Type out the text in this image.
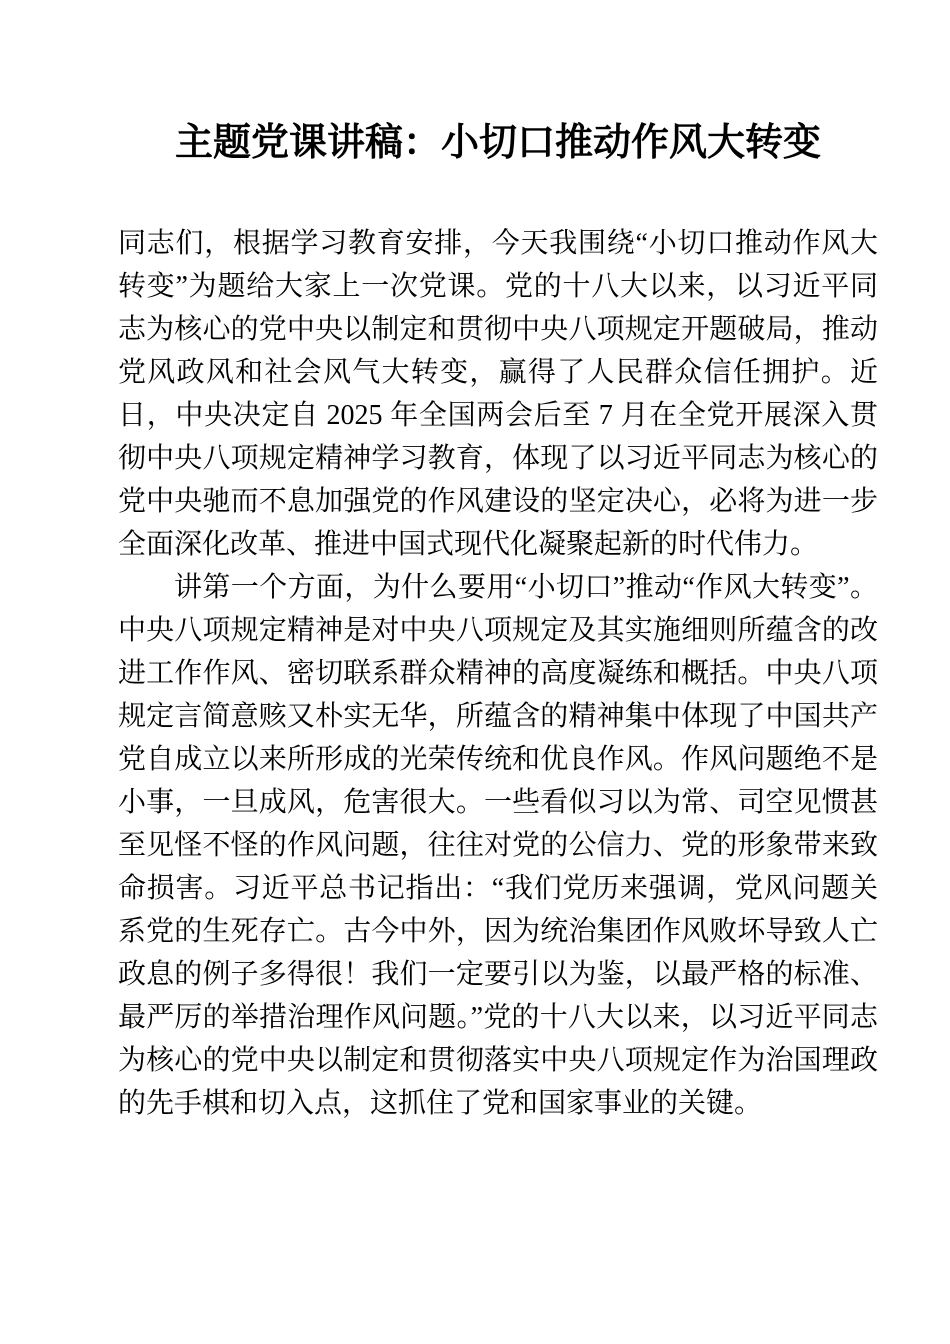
主题党课讲稿：小切口推动作风大转变

同志们，根据学习教育安排，今天我围绕“小切口推动作风大转变”为题给大家上一次党课。党的十八大以来，以习近平同志为核心的党中央以制定和贯彻中央八项规定开题破局，推动党风政风和社会风气大转变，赢得了人民群众信任拥护。近日，中央决定自 2025 年全国两会后至 7 月在全党开展深入贯彻中央八项规定精神学习教育，体现了以习近平同志为核心的党中央驰而不息加强党的作风建设的坚定决心，必将为进一步全面深化改革、推进中国式现代化凝聚起新的时代伟力。

讲第一个方面，为什么要用“小切口”推动“作风大转变”。中央八项规定精神是对中央八项规定及其实施细则所蕴含的改进工作作风、密切联系群众精神的高度凝练和概括。中央八项规定言简意赅又朴实无华，所蕴含的精神集中体现了中国共产党自成立以来所形成的光荣传统和优良作风。作风问题绝不是小事，一旦成风，危害很大。一些看似习以为常、司空见惯甚至见怪不怪的作风问题，往往对党的公信力、党的形象带来致命损害。习近平总书记指出：“我们党历来强调，党风问题关系党的生死存亡。古今中外，因为统治集团作风败坏导致人亡政息的例子多得很！我们一定要引以为鉴，以最严格的标准、最严厉的举措治理作风问题。”党的十八大以来，以习近平同志为核心的党中央以制定和贯彻落实中央八项规定作为治国理政的先手棋和切入点，这抓住了党和国家事业的关键。
